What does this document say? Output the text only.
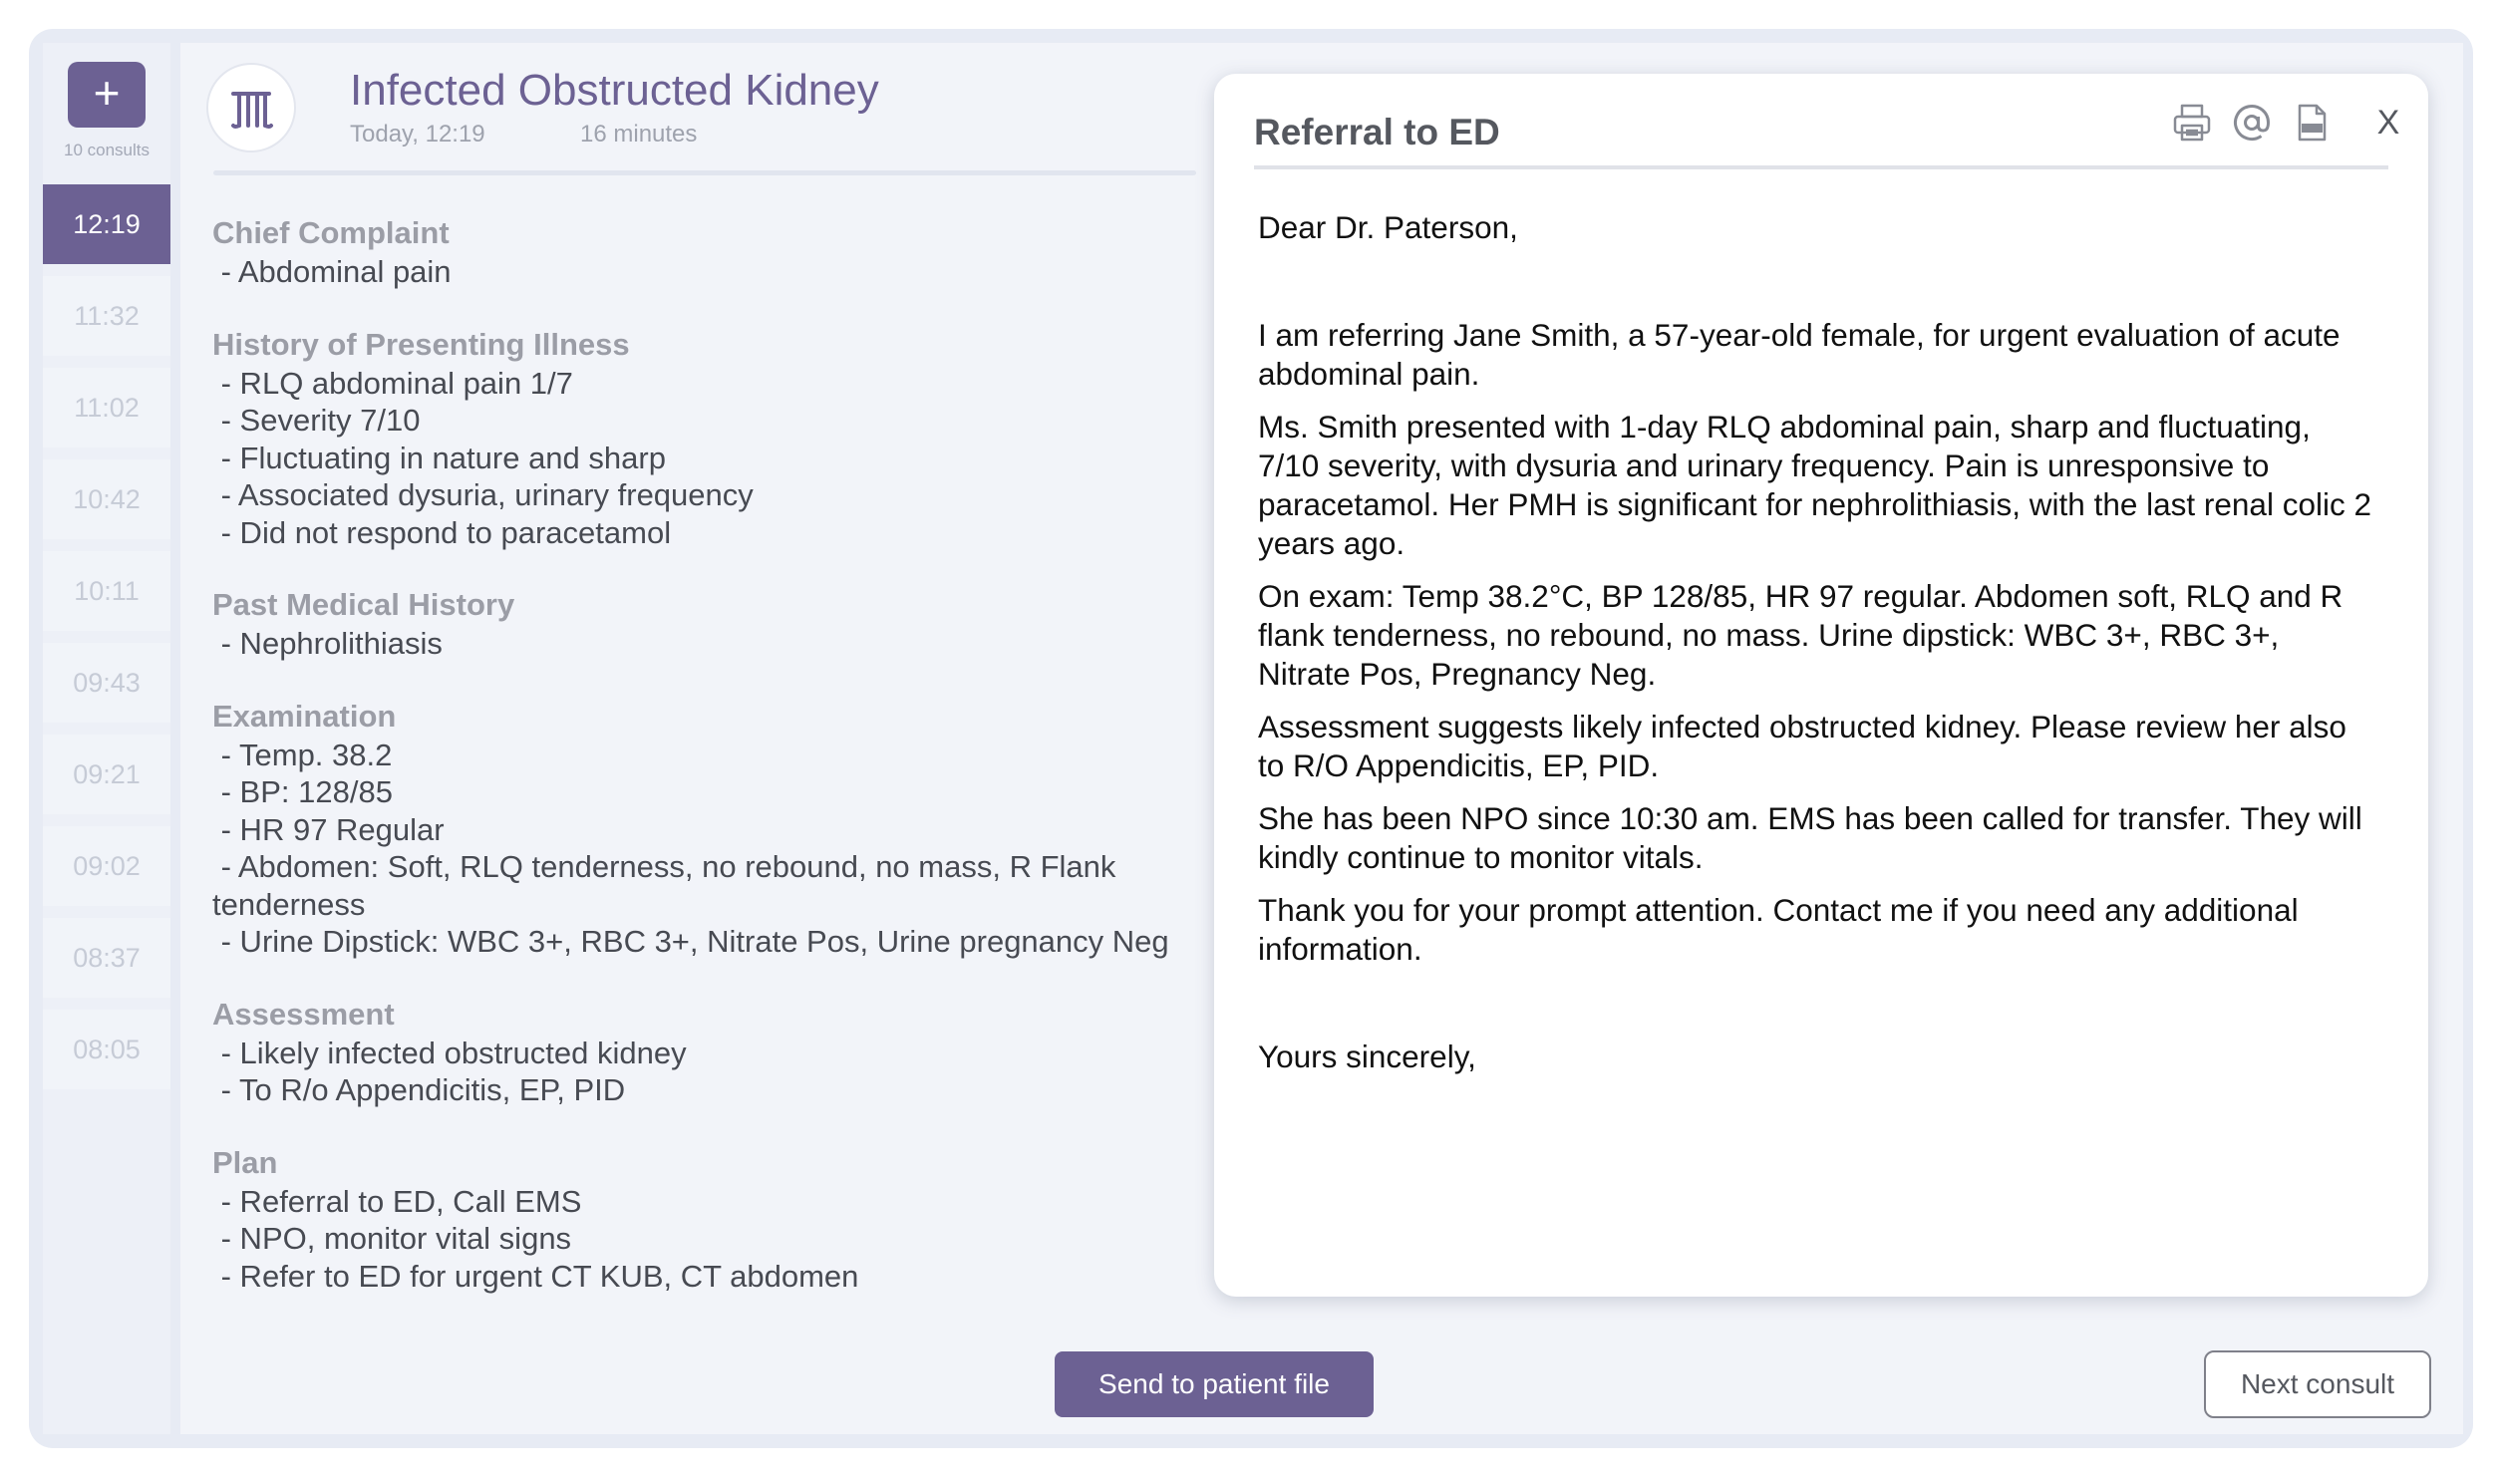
+
10 consults
12:19
11:32
11:02
10:42
10:11
09:43
09:21
09:02
08:37
08:05
Infected Obstructed Kidney
Today, 12:19	16 minutes
Chief Complaint
- Abdominal pain
History of Presenting Illness
- RLQ abdominal pain 1/7
- Severity 7/10
- Fluctuating in nature and sharp
- Associated dysuria, urinary frequency
- Did not respond to paracetamol
Past Medical History
- Nephrolithiasis
Examination
- Temp. 38.2
- BP: 128/85
- HR 97 Regular
- Abdomen: Soft, RLQ tenderness, no rebound, no mass, R Flank tenderness
- Urine Dipstick: WBC 3+, RBC 3+, Nitrate Pos, Urine pregnancy Neg
Assessment
- Likely infected obstructed kidney
- To R/o Appendicitis, EP, PID
Plan
- Referral to ED, Call EMS
- NPO, monitor vital signs
- Refer to ED for urgent CT KUB, CT abdomen
Referral to ED	X

Dear Dr. Paterson,

I am referring Jane Smith, a 57-year-old female, for urgent evaluation of acute abdominal pain.

Ms. Smith presented with 1-day RLQ abdominal pain, sharp and fluctuating, 7/10 severity, with dysuria and urinary frequency. Pain is unresponsive to paracetamol. Her PMH is significant for nephrolithiasis, with the last renal colic 2 years ago.

On exam: Temp 38.2°C, BP 128/85, HR 97 regular. Abdomen soft, RLQ and R flank tenderness, no rebound, no mass. Urine dipstick: WBC 3+, RBC 3+, Nitrate Pos, Pregnancy Neg.

Assessment suggests likely infected obstructed kidney. Please review her also to R/O Appendicitis, EP, PID.

She has been NPO since 10:30 am. EMS has been called for transfer. They will kindly continue to monitor vitals.

Thank you for your prompt attention. Contact me if you need any additional information.

Yours sincerely,

Send to patient file	Next consult
